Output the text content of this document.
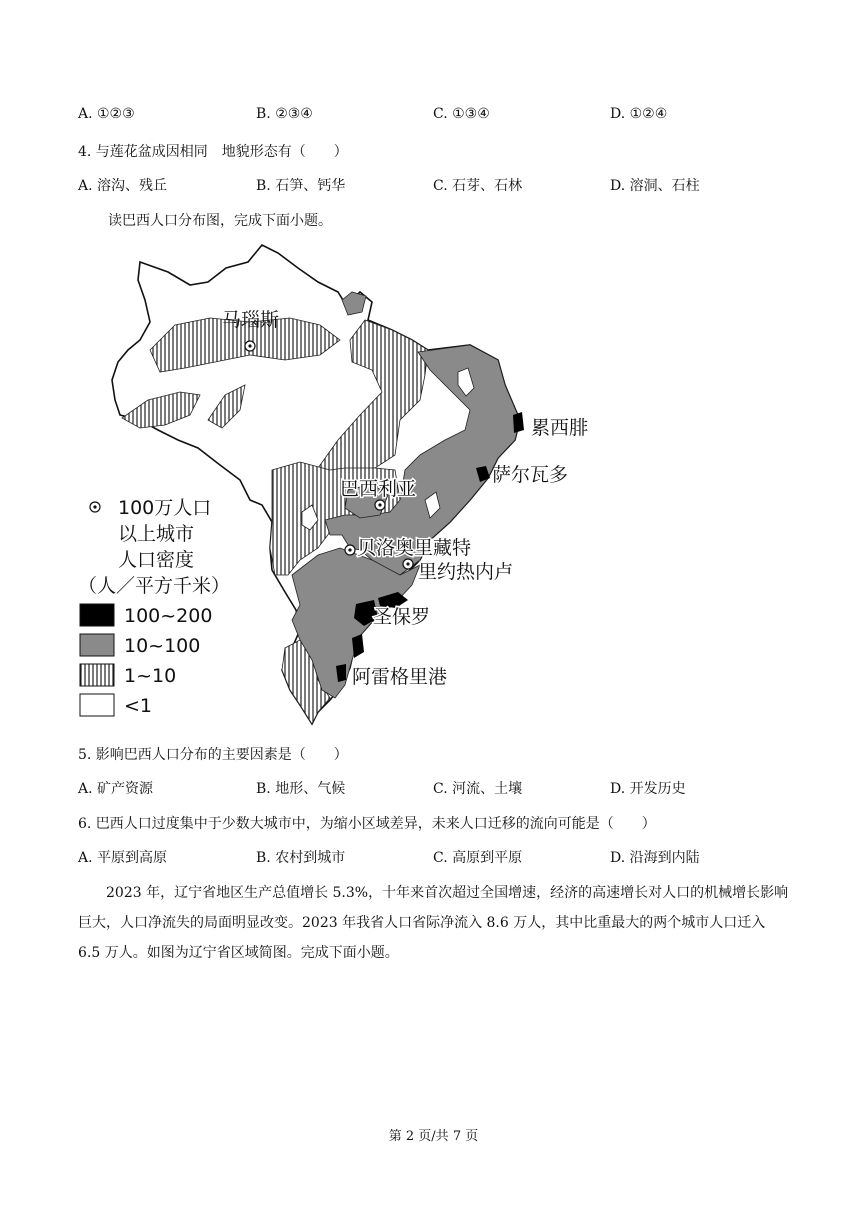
A. ①②③	B. ②③④	C. ①③④	D. ①②④
4. 与莲花盆成因相同　地貌形态有（　　）
A. 溶沟、残丘	B. 石笋、钙华	C. 石芽、石林	D. 溶洞、石柱
读巴西人口分布图，完成下面小题。
马瑙斯
累西腓
萨尔瓦多
巴西利亚
贝洛奥里藏特
里约热内卢
圣保罗
阿雷格里港
100万人口
以上城市
人口密度
（人／平方千米）
100~200
10~100
1~10
<1
5. 影响巴西人口分布的主要因素是（　　）
A. 矿产资源	B. 地形、气候	C. 河流、土壤	D. 开发历史
6. 巴西人口过度集中于少数大城市中，为缩小区域差异，未来人口迁移的流向可能是（　　）
A. 平原到高原	B. 农村到城市	C. 高原到平原	D. 沿海到内陆
2023 年，辽宁省地区生产总值增长 5.3%，十年来首次超过全国增速，经济的高速增长对人口的机械增长影响巨大，人口净流失的局面明显改变。2023 年我省人口省际净流入 8.6 万人，其中比重最大的两个城市人口迁入 6.5 万人。如图为辽宁省区域简图。完成下面小题。
第 2 页/共 7 页
